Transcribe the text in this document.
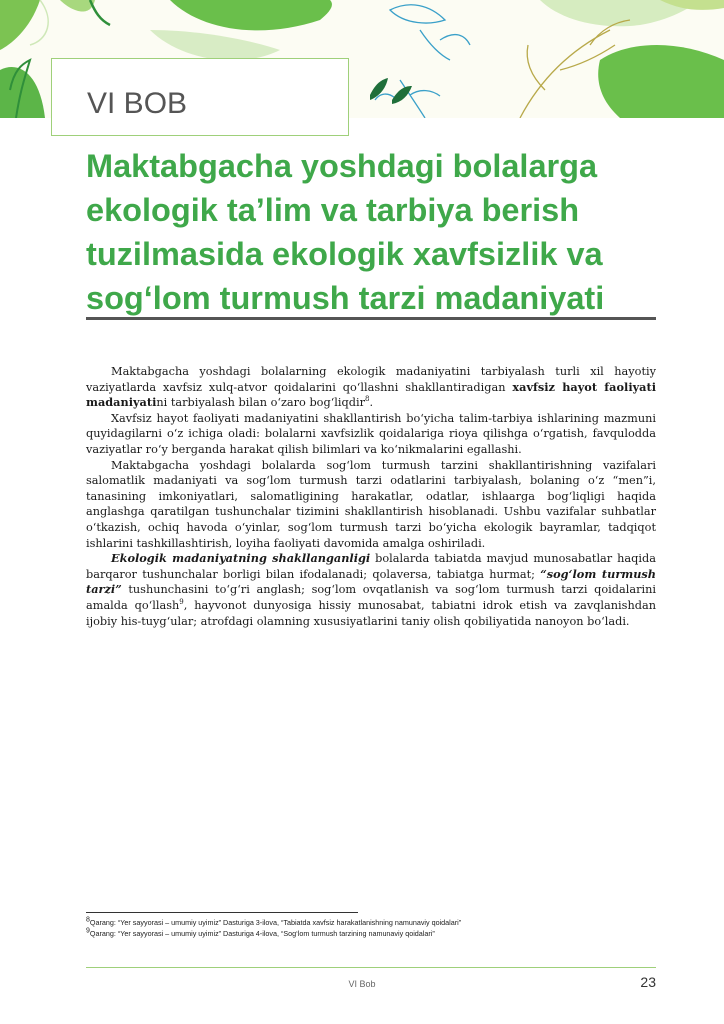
VI BOB
Maktabgacha yoshdagi bolalarga
ekologik ta’lim va tarbiya berish
tuzilmasida ekologik xavfsizlik va
sog‘lom turmush tarzi madaniyati

Maktabgacha yoshdagi bolalarning ekologik madaniyatini tarbiyalash turli xil hayotiy vaziyatlarda xavfsiz xulq-atvor qoidalarini qo‘llashni shakllantiradigan xavfsiz hayot faoliyati madaniyatini tarbiyalash bilan o‘zaro bog‘liqdir$^8$.

Xavfsiz hayot faoliyati madaniyatini shakllantirish bo‘yicha talim-tarbiya ishlarining mazmuni quyidagilarni o‘z ichiga oladi: bolalarni xavfsizlik qoidalariga rioya qilishga o‘rgatish, favqulodda vaziyatlar ro‘y berganda harakat qilish bilimlari va ko‘nikmalarini egallashi.

Maktabgacha yoshdagi bolalarda sog‘lom turmush tarzini shakllantirishning vazifalari salomatlik madaniyati va sog‘lom turmush tarzi odatlarini tarbiyalash, bolaning o‘z “men”i, tanasining imkoniyatlari, salomatligining harakatlar, odatlar, ishlaarga bog‘liqligi haqida anglashga qaratilgan tushunchalar tizimini shakllantirish hisoblanadi. Ushbu vazifalar suhbatlar o‘tkazish, ochiq havoda o‘yinlar, sog‘lom turmush tarzi bo‘yicha ekologik bayramlar, tadqiqot ishlarini tashkillashtirish, loyiha faoliyati davomida amalga oshiriladi.

Ekologik madaniyatning shakllanganligi bolalarda tabiatda mavjud munosabatlar haqida barqaror tushunchalar borligi bilan ifodalanadi; qolaversa, tabiatga hurmat; “sog‘lom turmush tarzi” tushunchasini to‘g‘ri anglash; sog‘lom ovqatlanish va sog‘lom turmush tarzi qoidalarini amalda qo‘llash$^9$, hayvonot dunyosiga hissiy munosabat, tabiatni idrok etish va zavqlanishdan ijobiy his-tuyg‘ular; atrofdagi olamning xususiyatlarini taniy olish qobiliyatida nanoyon bo‘ladi.

$^8$Qarang: “Yer sayyorasi – umumiy uyimiz” Dasturiga 3-ilova, “Tabiatda xavfsiz harakatlanishning namunaviy qoidalari”
$^9$Qarang: “Yer sayyorasi – umumiy uyimiz” Dasturiga 4-ilova, “Sog‘lom turmush tarzining namunaviy qoidalari”
VI Bob	23
